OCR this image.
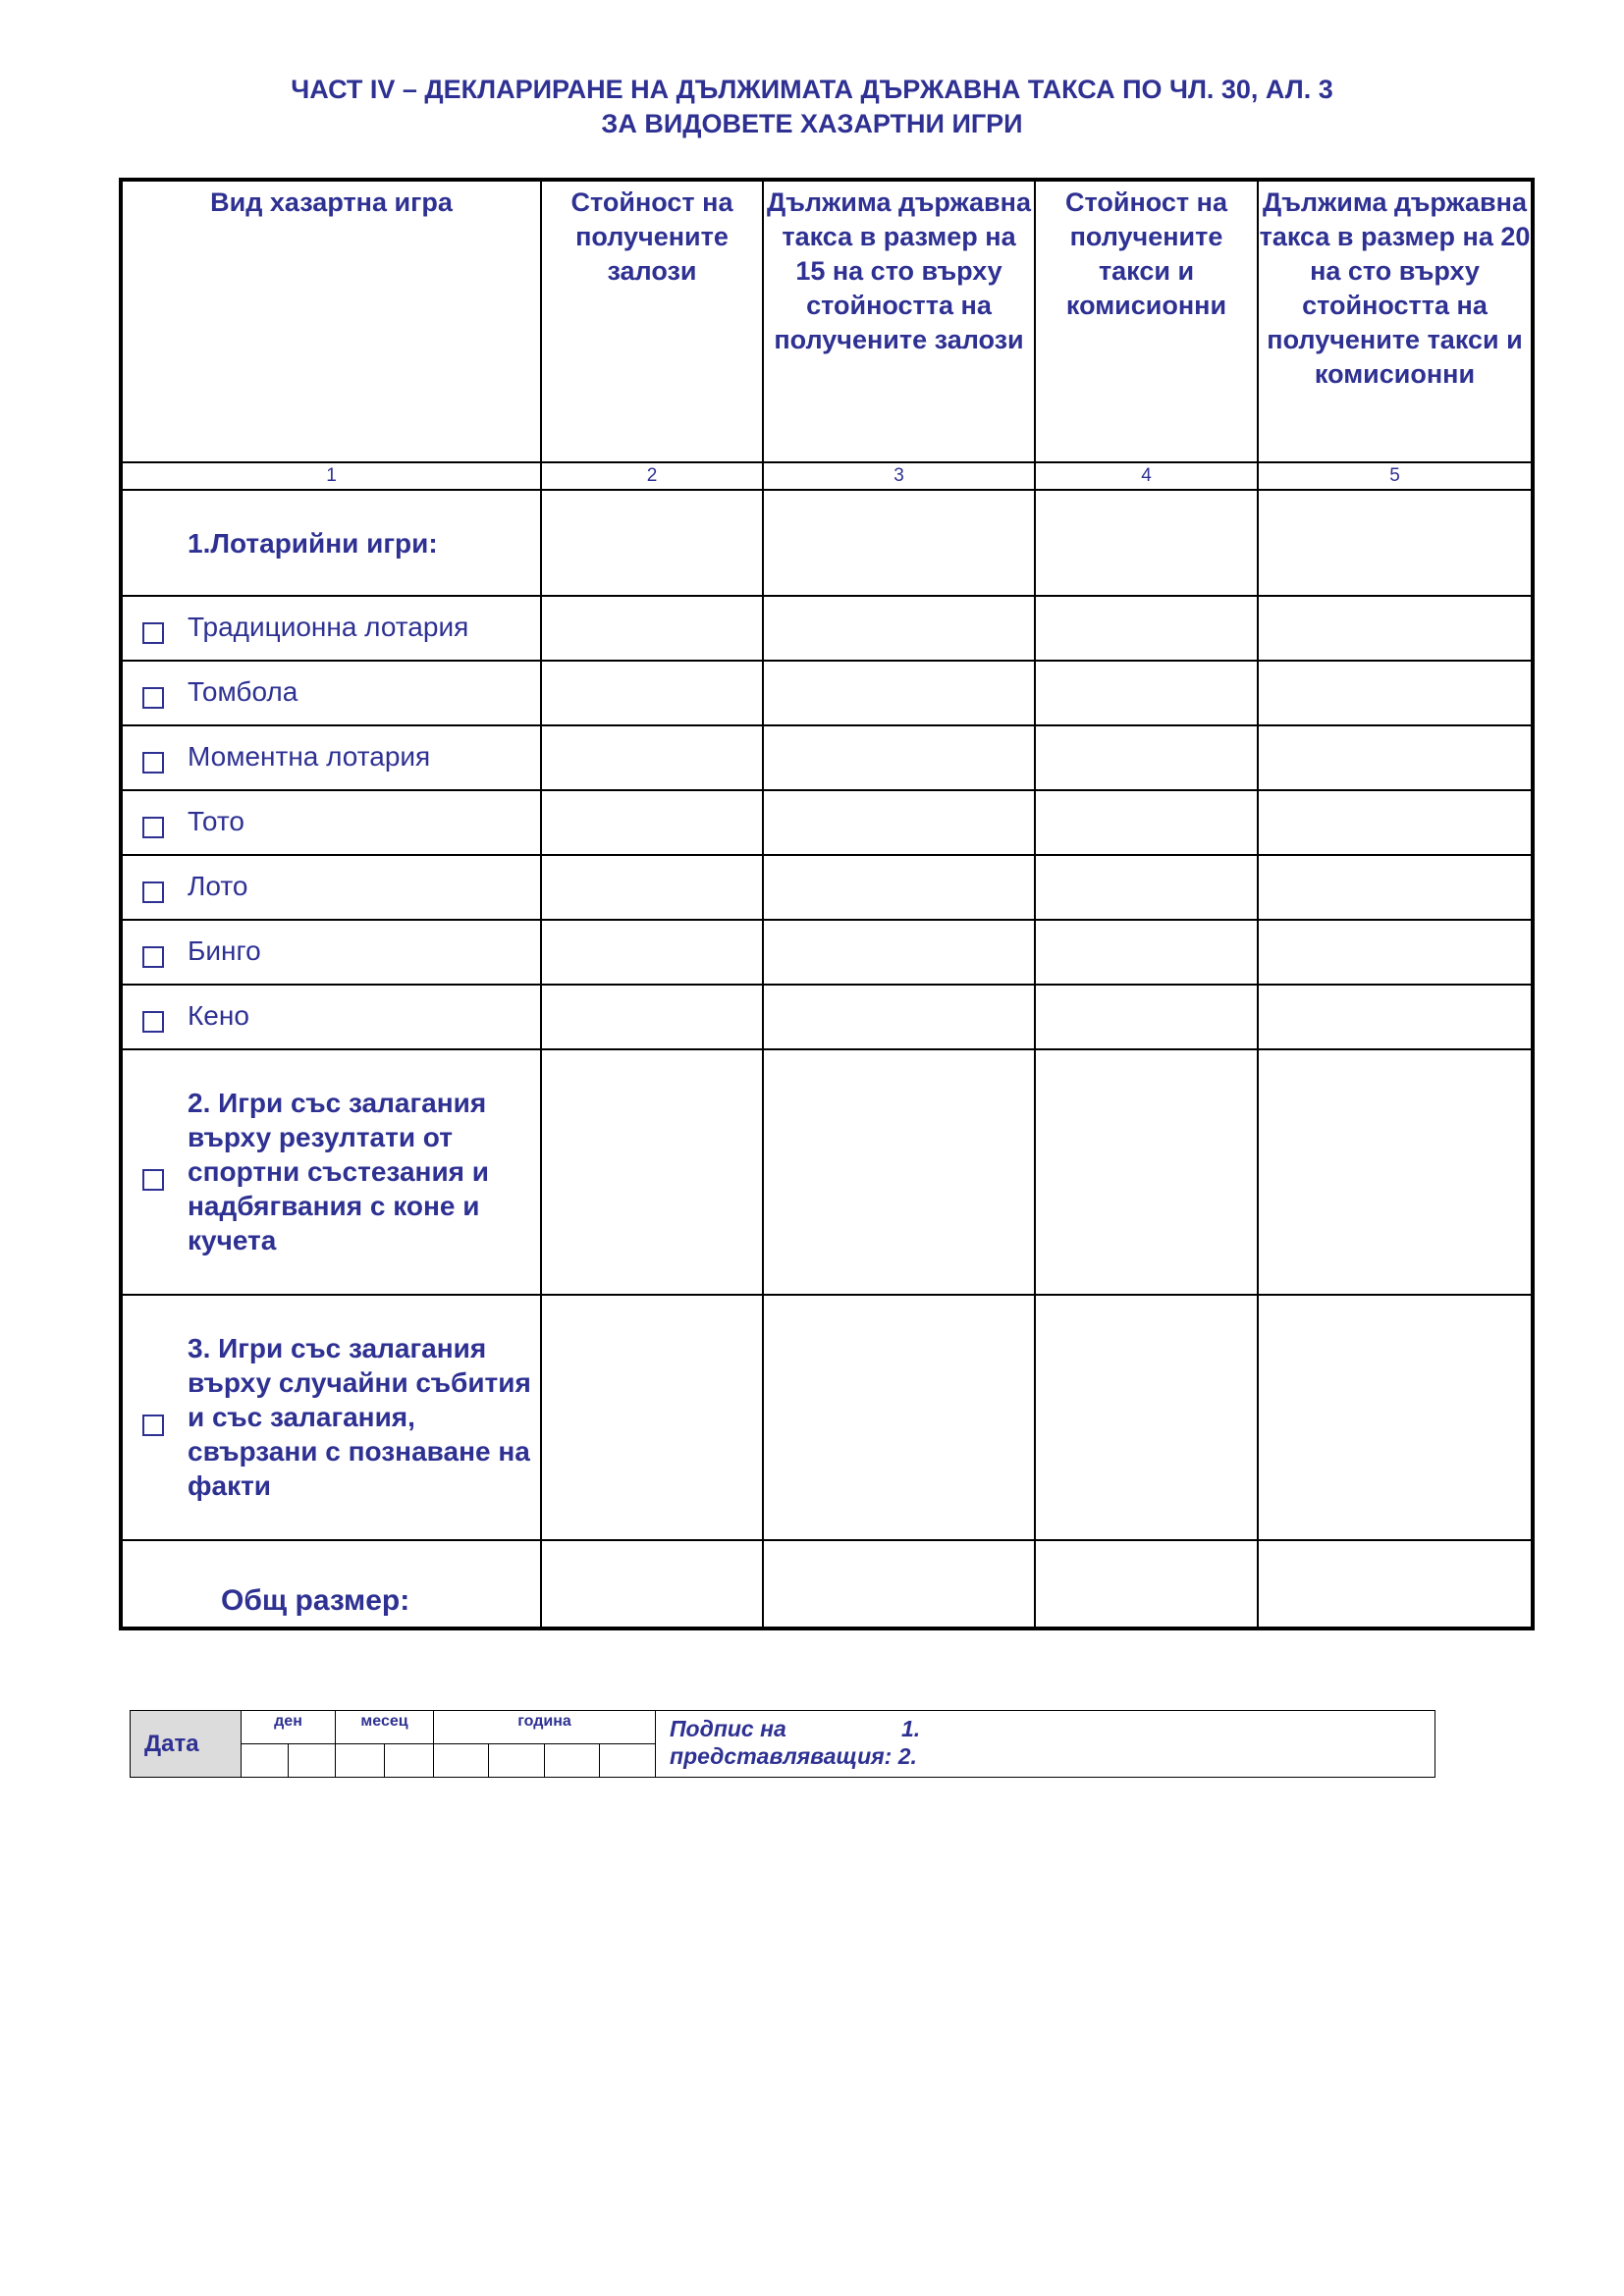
ЧАСТ IV – ДЕКЛАРИРАНЕ НА ДЪЛЖИМАТА ДЪРЖАВНА ТАКСА ПО ЧЛ. 30, АЛ. 3
ЗА ВИДОВЕТЕ ХАЗАРТНИ ИГРИ
Вид хазартна игра	Стойност на получените залози	Дължима държавна такса в размер на 15 на сто върху стойността на получените залози	Стойност на получените такси и комисионни	Дължима държавна такса в размер на 20 на сто върху стойността на получените такси и комисионни
1	2	3	4	5

1.Лотарийни игри:				

Традиционна лотария				

Томбола				

Моментна лотария				

Тото				

Лото				

Бинго				

Кено				

2. Игри със залагания върху резултати от спортни състезания и надбягвания с коне и кучета				

3. Игри със залагания върху случайни събития и със залагания, свързани с познаване на факти				

Общ размер:				

Дата	ден		месец		година				Подпис на 1.
представляващия: 2.
